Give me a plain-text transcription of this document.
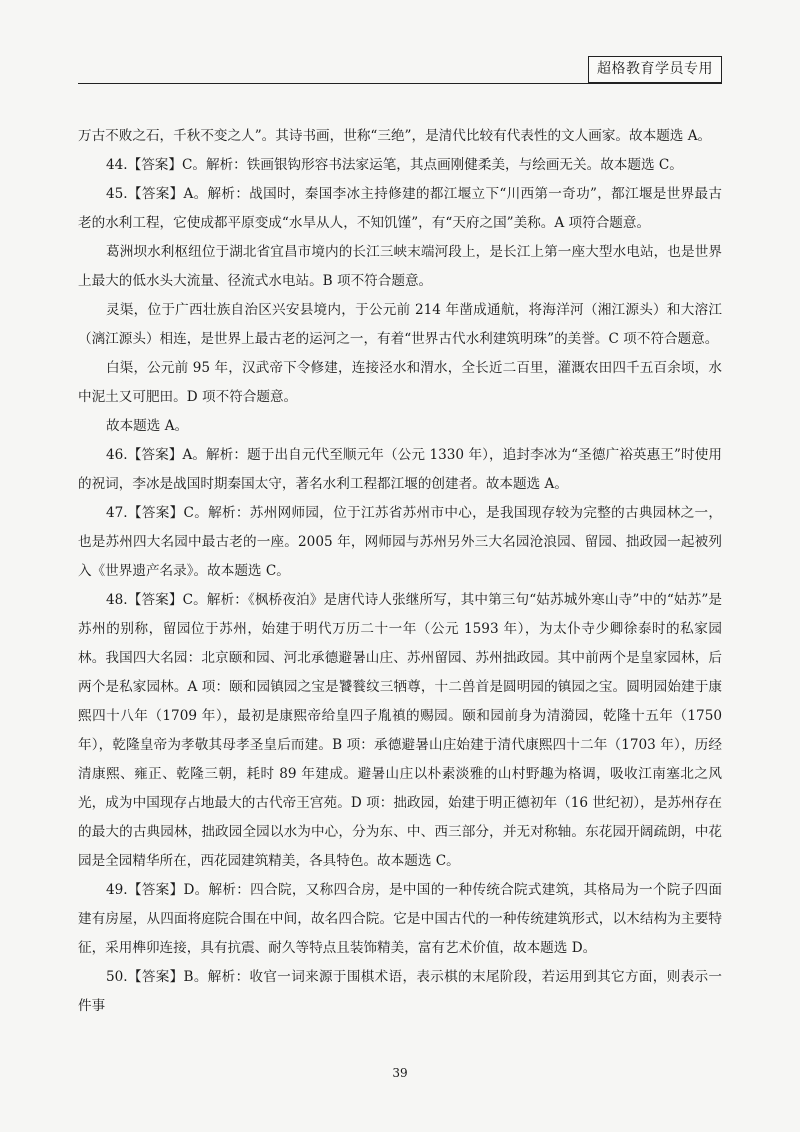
超格教育学员专用

万古不败之石，千秋不变之人”。其诗书画，世称“三绝”，是清代比较有代表性的文人画家。故本题选 A。

44.【答案】C。解析：铁画银钩形容书法家运笔，其点画刚健柔美，与绘画无关。故本题选 C。

45.【答案】A。解析：战国时，秦国李冰主持修建的都江堰立下“川西第一奇功”，都江堰是世界最古老的水利工程，它使成都平原变成“水旱从人，不知饥馑”，有“天府之国”美称。A 项符合题意。

葛洲坝水利枢纽位于湖北省宜昌市境内的长江三峡末端河段上，是长江上第一座大型水电站，也是世界上最大的低水头大流量、径流式水电站。B 项不符合题意。

灵渠，位于广西壮族自治区兴安县境内，于公元前 214 年凿成通航，将海洋河（湘江源头）和大溶江（漓江源头）相连，是世界上最古老的运河之一，有着“世界古代水利建筑明珠”的美誉。C 项不符合题意。

白渠，公元前 95 年，汉武帝下令修建，连接泾水和渭水，全长近二百里，灌溉农田四千五百余顷，水中泥土又可肥田。D 项不符合题意。

故本题选 A。

46.【答案】A。解析：题于出自元代至顺元年（公元 1330 年），追封李冰为“圣德广裕英惠王”时使用的祝词，李冰是战国时期秦国太守，著名水利工程都江堰的创建者。故本题选 A。

47.【答案】C。解析：苏州网师园，位于江苏省苏州市中心，是我国现存较为完整的古典园林之一，也是苏州四大名园中最古老的一座。2005 年，网师园与苏州另外三大名园沧浪园、留园、拙政园一起被列入《世界遗产名录》。故本题选 C。

48.【答案】C。解析：《枫桥夜泊》是唐代诗人张继所写，其中第三句“姑苏城外寒山寺”中的“姑苏”是苏州的别称，留园位于苏州，始建于明代万历二十一年（公元 1593 年），为太仆寺少卿徐泰时的私家园林。我国四大名园：北京颐和园、河北承德避暑山庄、苏州留园、苏州拙政园。其中前两个是皇家园林，后两个是私家园林。A 项：颐和园镇园之宝是饕餮纹三牺尊，十二兽首是圆明园的镇园之宝。圆明园始建于康熙四十八年（1709 年），最初是康熙帝给皇四子胤禛的赐园。颐和园前身为清漪园，乾隆十五年（1750 年），乾隆皇帝为孝敬其母孝圣皇后而建。B 项：承德避暑山庄始建于清代康熙四十二年（1703 年），历经清康熙、雍正、乾隆三朝，耗时 89 年建成。避暑山庄以朴素淡雅的山村野趣为格调，吸收江南塞北之风光，成为中国现存占地最大的古代帝王宫苑。D 项：拙政园，始建于明正德初年（16 世纪初），是苏州存在的最大的古典园林，拙政园全园以水为中心，分为东、中、西三部分，并无对称轴。东花园开阔疏朗，中花园是全园精华所在，西花园建筑精美，各具特色。故本题选 C。

49.【答案】D。解析：四合院，又称四合房，是中国的一种传统合院式建筑，其格局为一个院子四面建有房屋，从四面将庭院合围在中间，故名四合院。它是中国古代的一种传统建筑形式，以木结构为主要特征，采用榫卯连接，具有抗震、耐久等特点且装饰精美，富有艺术价值，故本题选 D。

50.【答案】B。解析：收官一词来源于围棋术语，表示棋的末尾阶段，若运用到其它方面，则表示一件事

39
